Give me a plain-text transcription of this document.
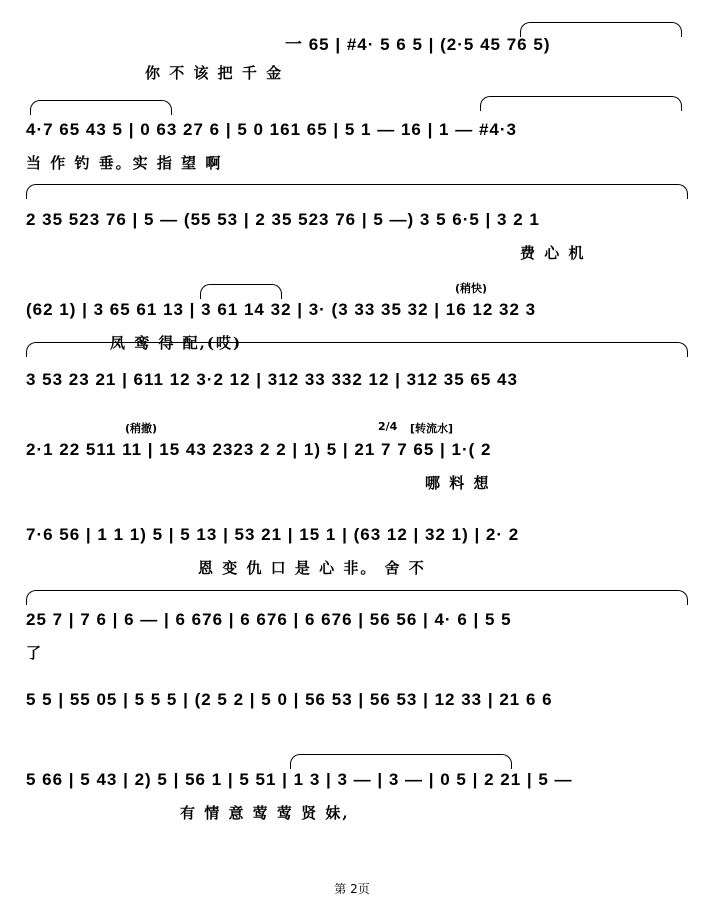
一 65 | #4· 5 6 5 | (2·5 45 76 5)
你 不 该 把 千 金
4·7 65 43 5 | 0 63 27 6 | 5 0 161 65 | 5 1 — 16 | 1 — #4·3
当 作 钓 垂。实 指 望 啊
2 35 523 76 | 5 — (55 53 | 2 35 523 76 | 5 —) 3 5 6·5 | 3 2 1
费 心 机
(稍快)
(62 1) | 3 65 61 13 | 3 61 14 32 | 3· (3 33 35 32 | 16 12 32 3
凤 鸾 得 配,(哎)
3 53 23 21 | 611 12 3·2 12 | 312 33 332 12 | 312 35 65 43
(稍撤)	2/4 [转流水]
2·1 22 511 11 | 15 43 2323 2 2 | 1) 5 | 21 7 7 65 | 1·( 2
哪 料 想
7·6 56 | 1 1 1) 5 | 5 13 | 53 21 | 15 1 | (63 12 | 32 1) | 2· 2
恩 变 仇 口 是 心 非。 舍 不
25 7 | 7 6 | 6 — | 6 676 | 6 676 | 6 676 | 56 56 | 4· 6 | 5 5
了
5 5 | 55 05 | 5 5 5 | (2 5 2 | 5 0 | 56 53 | 56 53 | 12 33 | 21 6 6
5 66 | 5 43 | 2) 5 | 56 1 | 5 51 | 1 3 | 3 — | 3 — | 0 5 | 2 21 | 5 —
有 情 意 莺 莺 贤 妹,
第 2页
